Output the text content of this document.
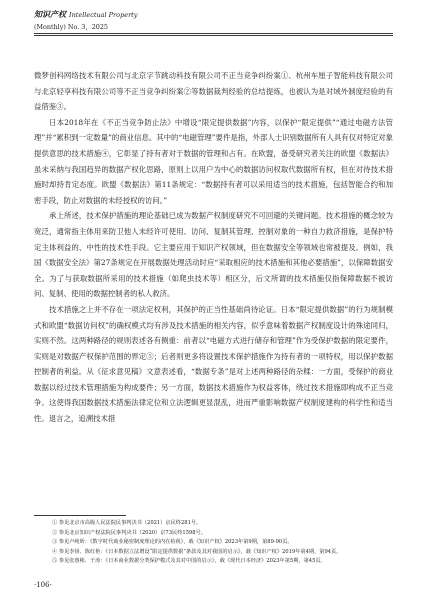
知识产权 Intellectual Property
(Monthly) No. 3，2025

微梦创科网络技术有限公司与北京字节跳动科技有限公司不正当竞争纠纷案①、杭州车厘子智能科技有限公司与北京轻享科技有限公司等不正当竞争纠纷案②等数据裁判经验的总结提炼，也被认为是对域外制度经验的有益借鉴③。

日本2018年在《不正当竞争防止法》中增设“限定提供数据”内容，以保护“限定提供”“通过电磁方法管理”并“累积到一定数量”的商业信息。其中的“电磁管理”要件是指，外部人士识别数据所有人具有仅对特定对象提供意思的技术措施④，它彰显了持有者对于数据的管理和占有。在欧盟，备受研究者关注的欧盟《数据法》虽未采纳与我国趋异的数据产权化思路，原则上以用户为中心的数据访问权取代数据所有权，但在对待技术措施时却持肯定态度。欧盟《数据法》第11条规定：“数据持有者可以采用适当的技术措施，包括智能合约和加密手段，防止对数据的未经授权的访问。”

承上所述，技术保护措施的理论基础已成为数据产权制度研究不可回避的关键问题。技术措施的概念较为宽泛，通常指主体用来防卫他人未经许可使用、访问、复制其管理、控制对象的一种自力救济措施，是保护特定主体利益的、中性的技术性手段。它主要应用于知识产权领域，但在数据安全等领域也常被提及。例如，我国《数据安全法》第27条规定在开展数据处理活动时应“采取相应的技术措施和其他必要措施”，以保障数据安全。为了与获取数据所采用的技术措施（如爬虫技术等）相区分，后文所谓的技术措施仅指保障数据不被访问、复制、使用的数据控制者的私人救济。

技术措施之上并不存在一项法定权利，其保护的正当性基础尚待论证。日本“限定提供数据”的行为规制模式和欧盟“数据访问权”的确权模式均有涉及技术措施的相关内容，似乎意味着数据产权制度设计的殊途同归，实则不然。这两种路径的规则表述各有侧重：前者以“电磁方式进行储存和管理”作为受保护数据的限定要件，实则是对数据产权保护范围的界定⑤；后者则更多将设置技术保护措施作为持有者的一项特权，用以保护数据控制者的利益。从《征求意见稿》文意表述看，“数据专条”是对上述两种路径的杂糅：一方面，受保护的商业数据以经过技术管理措施为构成要件；另一方面，数据技术措施作为权益客体，绕过技术措施即构成不正当竞争。这使得我国数据技术措施法律定位和立法逻辑更显混乱，进而严重影响数据产权制度建构的科学性和适当性。退言之，追溯技术措

① 参见北京市高级人民法院民事判决书（2021）京民终281号。
② 参见北京知识产权法院民事判决书（2020）京73民终1598号。
③ 参见卢纯昕：《数字时代商业秘密制度理论的内在检视》，载《知识产权》2023年第9期，第89-90页。
④ 参见李扬、陈红艳：《日本数据立法增设“限定提供数据”条款及其对我国的启示》，载《知识产权》2019年第4期，第94页。
⑤ 参见张惠彬、于涛：《日本商业数据分类保护模式及其对中国的启示》，载《现代日本经济》2023年第5期，第45页。
·106·
